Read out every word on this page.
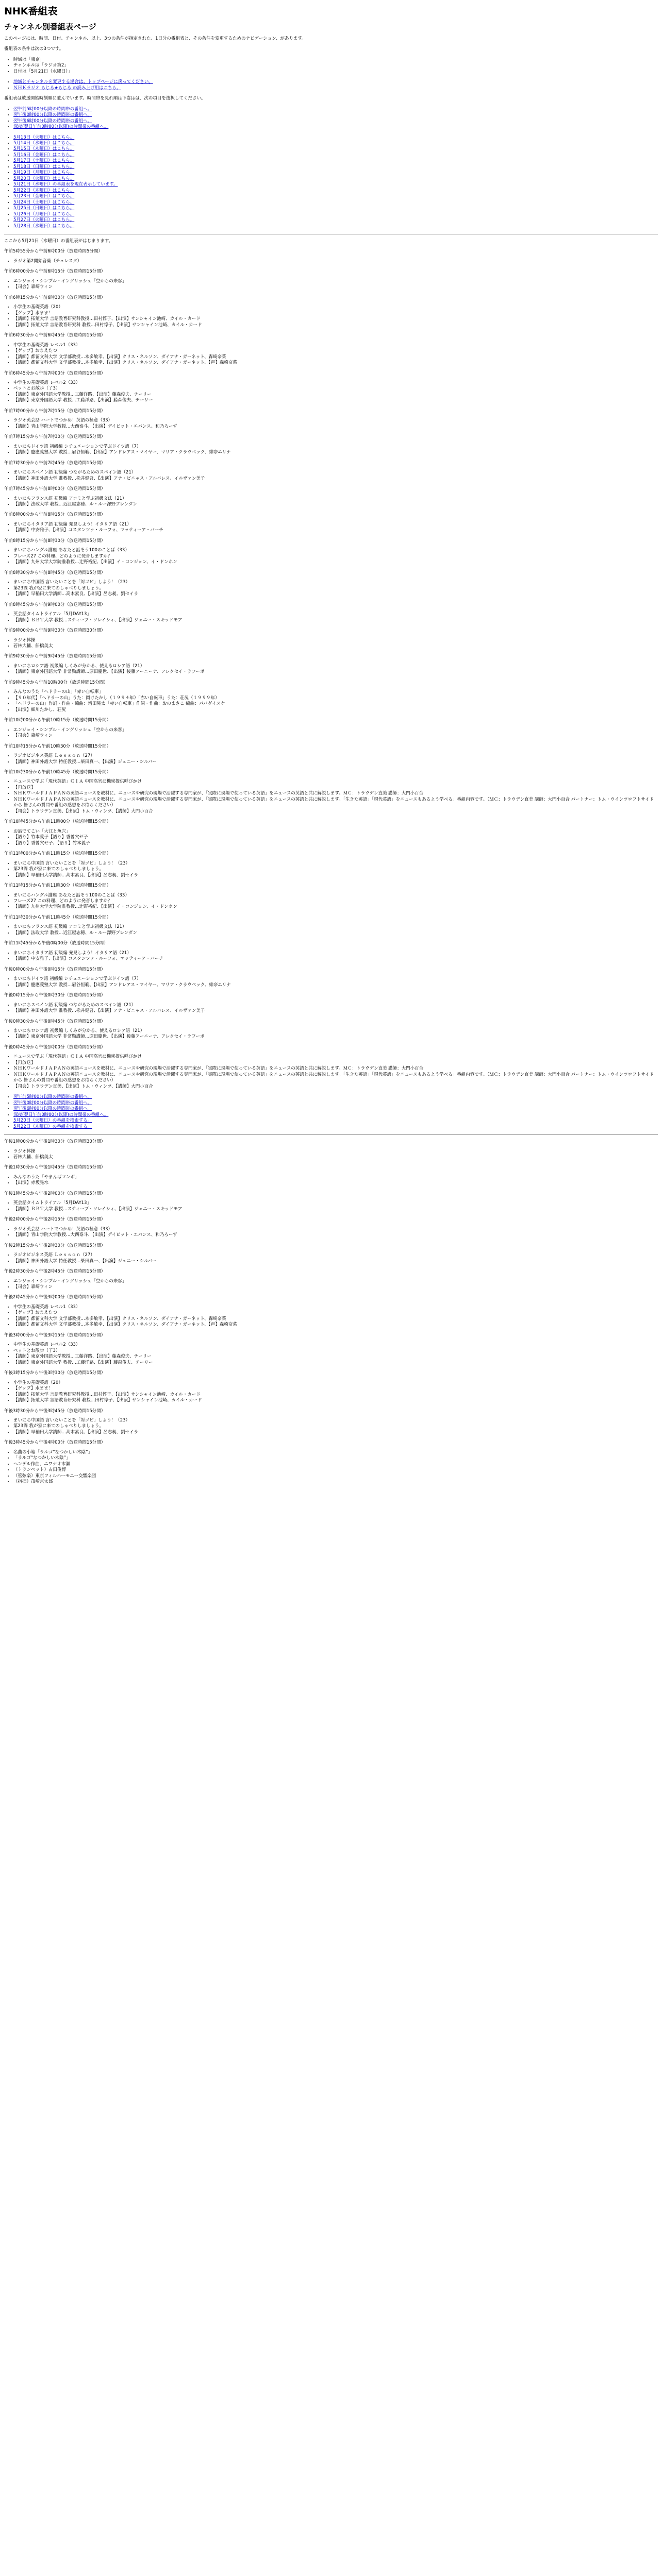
NHK番組表
チャンネル別番組表ページ

このページには、時間、日付、チャンネル、以上、3つの条件が指定された、1日分の番組表と、その条件を変更するためのナビゲーション、があります。

番組表の条件は次の3つです。

• 時域は「東京」
• チャンネルは「ラジオ第2」
• 日付は「5月21日（水曜日）」
• 地域とチャンネルを変更する場合は、トップページに戻ってください。
• ＮＨＫラジオ らじる★らじる の読み上げ用はこちら。

番組表は放送開始時刻順に並んでいます。時間帯を見れ順は下巻はは、次の項目を選択してください。

• 翌午前5時00分以降の時間帯の番組へ。
• 翌午後0時00分以降の時間帯の番組へ。
• 翌午後6時00分以降の時間帯の番組へ。
• 深夜(翌日午前0時00分以降)の時間帯の番組へ。
• 5月13日（火曜日）はこちら。
• 5月14日（水曜日）はこちら。
• 5月15日（木曜日）はこちら。
• 5月16日（金曜日）はこちら。
• 5月17日（土曜日）はこちら。
• 5月18日（日曜日）はこちら。
• 5月19日（月曜日）はこちら。
• 5月20日（火曜日）はこちら。
• 5月21日（水曜日）の番組表を現在表示しています。
• 5月22日（木曜日）はこちら。
• 5月23日（金曜日）はこちら。
• 5月24日（土曜日）はこちら。
• 5月25日（日曜日）はこちら。
• 5月26日（月曜日）はこちら。
• 5月27日（火曜日）はこちら。
• 5月28日（水曜日）はこちら。

ここから5月21日（水曜日）の番組表がはじまります。

午前5時55分から午前6時00分（放送時間5分間）

• ラジオ第2開始音楽（チェレスタ）

午前6時00分から午前6時15分（放送時間15分間）

• エンジョイ・シンプル・イングリッシュ「空からの来客」
• 【司会】森崎ウィン

午前6時15分から午前6時30分（放送時間15分間）

• 小学生の基礎英語（20）
• 【ゲップ】水まま！
• 【講師】拓殖大学 言語教育研究科教授…田村惇子、【出演】サンシャイン池崎、カイル・カード
• 【講師】拓殖大学 言語教育研究科 教授…田村惇子、【出演】サンシャイン池崎、カイル・カード

午前6時30分から午前6時45分（放送時間15分間）

• 中学生の基礎英語 レベル1（33）
• 【ゲップ】おまえたつ
• 【講師】都留文科大学 文学部教授…本多敏幸、【出演】クリス・ネルソン、ダイアナ・ガーネット、森崎奈菜
• 【講師】都留文科大学 文学部教授…本多敏幸、【出演】クリス・ネルソン、ダイアナ・ガーネット、【声】森崎奈菜

午前6時45分から午前7時00分（放送時間15分間）

• 中学生の基礎英語 レベル2（33）
• ペットとお散歩（了3）
• 【講師】東京外国語大学教授…工藤洋路、【出演】藤森俊夫、チーリー
• 【講師】東京外国語大学 教授…工藤洋路、【出演】藤森俊夫、チーリー

午前7時00分から午前7時15分（放送時間15分間）

• ラジオ英会話 ハートでつかめ！英語の極意（33）
• 【講師】青山学院大学教授…大西泰斗、【出演】デイビット・エバンス、和乃ろーず

午前7時15分から午前7時30分（放送時間15分間）

• まいにちドイツ語 初級編 シチュエーションで学ぶドイツ語（7）
• 【講師】慶應義塾大学 教授…眉谷恒範、【出演】アンドレアス・マイヤー、マリア・クラウベック、緋奈エリナ

午前7時30分から午前7時45分（放送時間15分間）

• まいにちスペイン語 初級編 つながるためのスペイン語（21）
• 【講師】神田外語大学 准教授…松井健吾、【出演】アナ・ビニャス・アルバレス、イルヴァン美子

午前7時45分から午前8時00分（放送時間15分間）

• まいにちフランス語 初級編 アコミと学ぶ初級文法（21）
• 【講師】法政大学 教授…近江屋志穂、ル・ルー澤野ブレンダン

午前8時00分から午前8時15分（放送時間15分間）

• まいにちイタリア語 初級編 発見しよう！イタリア語（21）
• 【講師】中安雅子、【出演】コスタンツァ・ルーフォ、マッティーア・バーチ

午前8時15分から午前8時30分（放送時間15分間）

• まいにちハングル講座 あなたと話そう100のことば（33）
• フレーズ27 この料理、どのように発音しますか？
• 【講師】九州大学大学院准教授…辻野裕紀、【出演】イ・コンジョン、イ・ドンホン

午前8時30分から午前8時45分（放送時間15分間）

• まいにち中国語 言いたいことを「対ゴビ」しよう！（23）
• 第23課 我が家に来てのしゃべりしましょう。
• 【講師】早稲田大学講師…高木素良、【出演】呂志昶、劉セイラ

午前8時45分から午前9時00分（放送時間15分間）

• 英会話タイムトライアル「5月DAY13」
• 【講師】ＢＢＴ大学 教授…スティーブ・ソレイシィ、【出演】ジェニー・スキッドモア

午前9時00分から午前9時30分（放送時間30分間）

• ラジオ体操
• 若林大輔、船橋美太

午前9時30分から午前9時45分（放送時間15分間）

• まいにちロシア語 初級編 しくみが分かる、使えるロシア語（21）
• 【講師】東京外国語大学 非常勤講師…原田慶世、【出演】後藤アーニーナ、アレクセイ・ラフーポ

午前9時45分から午前10時00分（放送時間15分間）

• みんなのうた「ヘドラーの山」「赤い自転車」
• 【９０年代】「ヘドラーの山」うた：岡けたかし（１９９４年）「赤い自転車」うた：荘尻（１９９９年）
• 「ヘドラーの山」作詞・作曲・編曲：増田晃太「赤い自転車」作詞・作曲：おのまさこ 編曲：パパダイスケ
• 【出演】細川たかし、荘尻

午前10時00分から午前10時15分（放送時間15分間）

• エンジョイ・シンプル・イングリッシュ「空からの来客」
• 【司会】森崎ウィン

午前10時15分から午前10時30分（放送時間15分間）

• ラジオビジネス英語 Ｌｅｓｓｏｎ（27）
• 【講師】神田外語大学 特任教授…柴田真一、【出演】ジェニー・シルバー

午前10時30分から午前10時45分（放送時間15分間）

• ニュースで学ぶ「現代英語」ＣＩＡ 中国高官に機密提供呼びかけ
• 【再放送】
• ＮＨＫワールドＪＡＰＡＮの英語ニュースを教材に、ニュースや研究の現場で活躍する専門家が、「実際に現場で使っている英語」をニュースの英語と共に解説します。ＭＣ：トラウデン直美 講師：大門小百合
• ＮＨＫワールドＪＡＰＡＮの英語ニュースを教材に、ニュースや研究の現場で活躍する専門家が、「実際に現場で使っている英語」をニュースの英語と共に解説します。「生きた英語」「現代英語」をニュースもあるよう学べる」番組内容です。（ＭＣ：トラウデン直美 講師：大門小百合 パートナー：トム・ウインツロフトサイドから 皆さんの質問や番組の感想をお待ちください）
• 【司会】トラウデン直美、【出演】トム・ウィンツ、【講師】大門小百合

午前10時45分から午前11時00分（放送時間15分間）

• お話でてこい「大江と魚穴」
• 【語り】竹本義子【語り】香曾穴ゼ子
• 【語り】香曾穴ゼ子、【語り】竹本義子

午前11時00分から午前11時15分（放送時間15分間）

• まいにち中国語 言いたいことを「対ゴビ」しよう！（23）
• 第23課 我が家に来てのしゃべりしましょう。
• 【講師】早稲田大学講師…高木素良、【出演】呂志昶、劉セイラ

午前11時15分から午前11時30分（放送時間15分間）

• まいにちハングル講座 あなたと話そう100のことば（33）
• フレーズ27 この料理、どのように発音しますか？
• 【講師】九州大学大学院准教授…辻野裕紀、【出演】イ・コンジョン、イ・ドンホン

午前11時30分から午前11時45分（放送時間15分間）

• まいにちフランス語 初級編 アコミと学ぶ初級文法（21）
• 【講師】法政大学 教授…近江屋志穂、ル・ルー澤野ブレンダン

午前11時45分から午後0時00分（放送時間15分間）

• まいにちイタリア語 初級編 発見しよう！イタリア語（21）
• 【講師】中安雅子、【出演】コスタンツァ・ルーフォ、マッティーア・バーチ

午後0時00分から午後0時15分（放送時間15分間）

• まいにちドイツ語 初級編 シチュエーションで学ぶドイツ語（7）
• 【講師】慶應義塾大学 教授…眉谷恒範、【出演】アンドレアス・マイヤー、マリア・クラウベック、緋奈エリナ

午後0時15分から午後0時30分（放送時間15分間）

• まいにちスペイン語 初級編 つながるためのスペイン語（21）
• 【講師】神田外語大学 准教授…松井健吾、【出演】アナ・ビニャス・アルバレス、イルヴァン美子

午後0時30分から午後0時45分（放送時間15分間）

• まいにちロシア語 初級編 しくみが分かる、使えるロシア語（21）
• 【講師】東京外国語大学 非常勤講師…原田慶世、【出演】後藤アーニーナ、アレクセイ・ラフーポ

午後0時45分から午後1時00分（放送時間15分間）

• ニュースで学ぶ「現代英語」ＣＩＡ 中国高官に機密提供呼びかけ
• 【再放送】
• ＮＨＫワールドＪＡＰＡＮの英語ニュースを教材に、ニュースや研究の現場で活躍する専門家が、「実際に現場で使っている英語」をニュースの英語と共に解説します。ＭＣ：トラウデン直美 講師：大門小百合
• ＮＨＫワールドＪＡＰＡＮの英語ニュースを教材に、ニュースや研究の現場で活躍する専門家が、「実際に現場で使っている英語」をニュースの英語と共に解説します。「生きた英語」「現代英語」をニュースもあるよう学べる」番組内容です。（ＭＣ：トラウデン直美 講師：大門小百合 パートナー：トム・ウインツロフトサイドから 皆さんの質問や番組の感想をお待ちください）
• 【司会】トラウデン直美、【出演】トム・ウィンツ、【講師】大門小百合
• 翌午前5時00分以降の時間帯の番組へ。
• 翌午後0時00分以降の時間帯の番組へ。
• 翌午後6時00分以降の時間帯の番組へ。
• 深夜(翌日午前0時00分以降)の時間帯の番組へ。
• 5月20日（火曜日）の番組を検索する。
• 5月22日（木曜日）の番組を検索する。

午後1時00分から午後1時30分（放送時間30分間）

• ラジオ体操
• 若林大輔、船橋美太

午後1時30分から午後1時45分（放送時間15分間）

• みんなのうた「やまんばマンボ」
• 【出演】赤坂晃水

午後1時45分から午後2時00分（放送時間15分間）

• 英会話タイムトライアル「5月DAY13」
• 【講師】ＢＢＴ大学 教授…スティーブ・ソレイシィ、【出演】ジェニー・スキッドモア

午後2時00分から午後2時15分（放送時間15分間）

• ラジオ英会話 ハートでつかめ！英語の極意（33）
• 【講師】青山学院大学教授…大西泰斗、【出演】デイビット・エバンス、和乃ろーず

午後2時15分から午後2時30分（放送時間15分間）

• ラジオビジネス英語 Ｌｅｓｓｏｎ（27）
• 【講師】神田外語大学 特任教授…柴田真一、【出演】ジェニー・シルバー

午後2時30分から午後2時45分（放送時間15分間）

• エンジョイ・シンプル・イングリッシュ「空からの来客」
• 【司会】森崎ウィン

午後2時45分から午後3時00分（放送時間15分間）

• 中学生の基礎英語 レベル1（33）
• 【ゲップ】おまえたつ
• 【講師】都留文科大学 文学部教授…本多敏幸、【出演】クリス・ネルソン、ダイアナ・ガーネット、森崎奈菜
• 【講師】都留文科大学 文学部教授…本多敏幸、【出演】クリス・ネルソン、ダイアナ・ガーネット、【声】森崎奈菜

午後3時00分から午後3時15分（放送時間15分間）

• 中学生の基礎英語 レベル2（33）
• ペットとお散歩（了3）
• 【講師】東京外国語大学教授…工藤洋路、【出演】藤森俊夫、チーリー
• 【講師】東京外国語大学 教授…工藤洋路、【出演】藤森俊夫、チーリー

午後3時15分から午後3時30分（放送時間15分間）

• 小学生の基礎英語（20）
• 【ゲップ】水まま！
• 【講師】拓殖大学 言語教育研究科教授…田村惇子、【出演】サンシャイン池崎、カイル・カード
• 【講師】拓殖大学 言語教育研究科 教授…田村惇子、【出演】サンシャイン池崎、カイル・カード

午後3時30分から午後3時45分（放送時間15分間）

• まいにち中国語 言いたいことを「対ゴビ」しよう！（23）
• 第23課 我が家に来てのしゃべりしましょう。
• 【講師】早稲田大学講師…高木素良、【出演】呂志昶、劉セイラ

午後3時45分から午後4時00分（放送時間15分間）

• 名曲の小箱「ラルゴ“なつかしい木陰”」
• 「ラルゴ“なつかしい木陰”」
• ヘンデル作曲、ニワナオ木瀬
• （トランペット）古田俊博
• （管弦楽）東京フィルハーモニー交響楽団
• （指揮）茂崎京太郎
